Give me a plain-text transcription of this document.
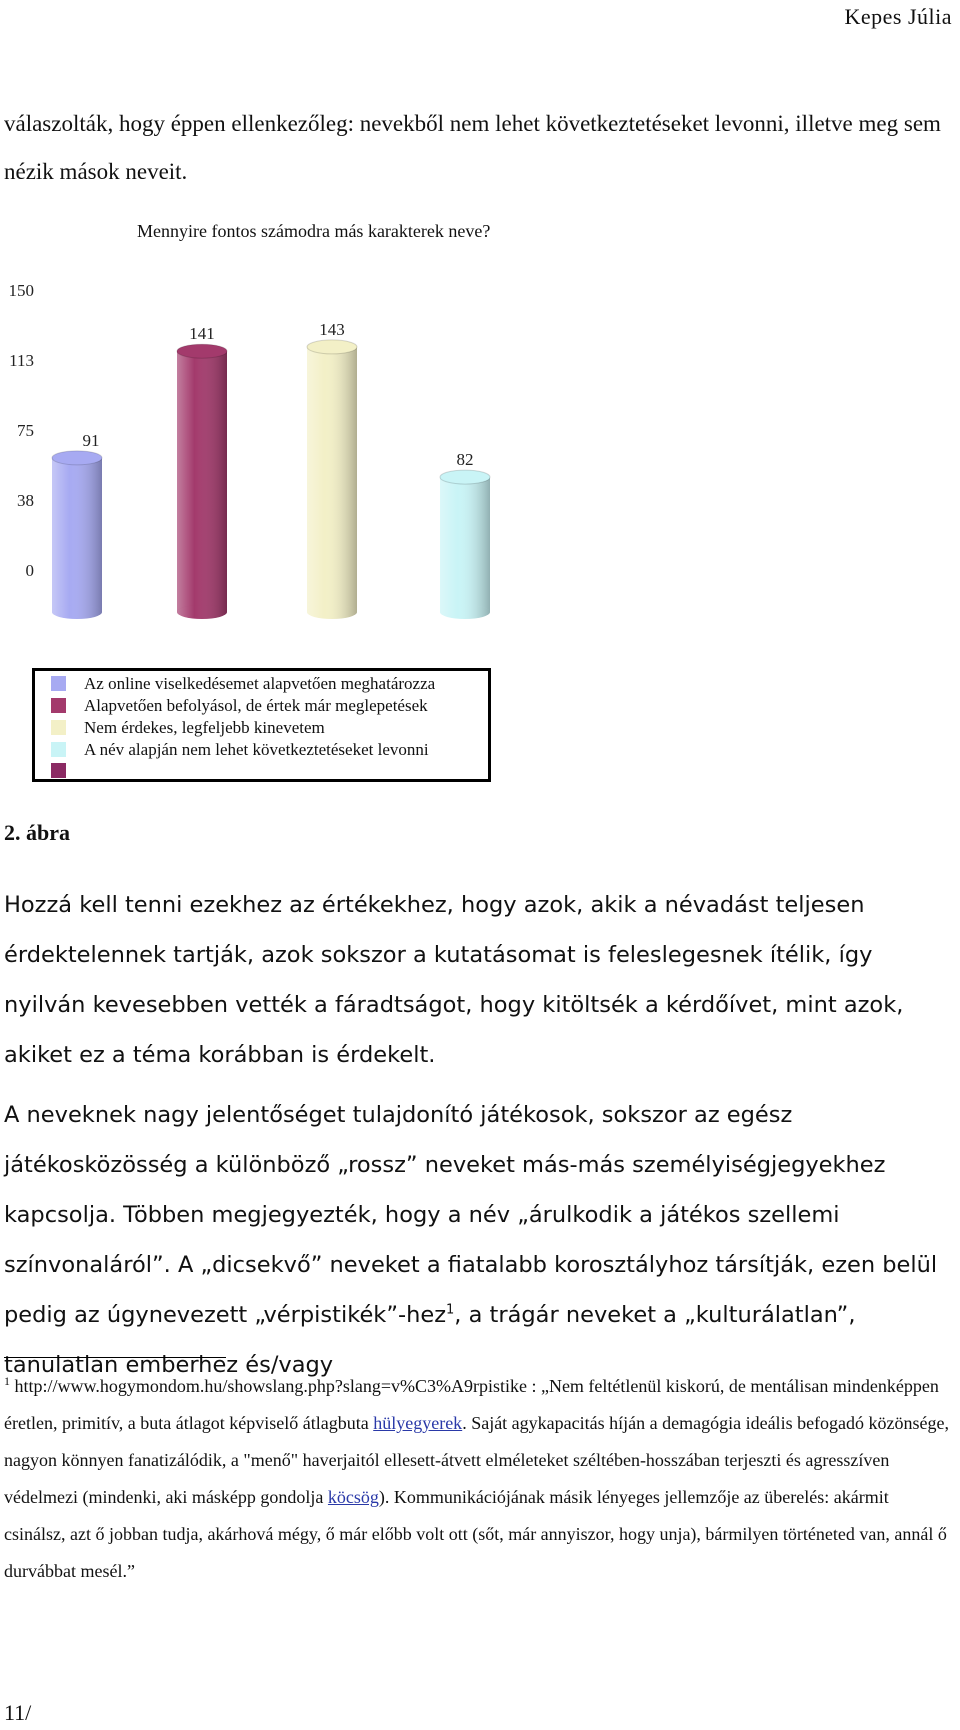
Kepes Júlia
válaszolták, hogy éppen ellenkezőleg: nevekből nem lehet következtetéseket levonni, illetve meg sem nézik mások neveit.
Mennyire fontos számodra más karakterek neve?
150
113
75
38
0
91
141	143
82
Az online viselkedésemet alapvetően meghatározza
Alapvetően befolyásol, de értek már meglepetések
Nem érdekes, legfeljebb kinevetem
A név alapján nem lehet következtetéseket levonni
2. ábra
Hozzá kell tenni ezekhez az értékekhez, hogy azok, akik a névadást teljesen érdektelennek tartják, azok sokszor a kutatásomat is feleslegesnek ítélik, így nyilván kevesebben vették a fáradtságot, hogy kitöltsék a kérdőívet, mint azok, akiket ez a téma korábban is érdekelt.
A neveknek nagy jelentőséget tulajdonító játékosok, sokszor az egész játékosközösség a különböző „rossz” neveket más-más személyiségjegyekhez kapcsolja. Többen megjegyezték, hogy a név „árulkodik a játékos szellemi színvonaláról”. A „dicsekvő” neveket a fiatalabb korosztályhoz társítják, ezen belül pedig az úgynevezett „vérpistikék”-hez$^1$, a trágár neveket a „kulturálatlan”, tanulatlan emberhez és/vagy
$^1$ http://www.hogymondom.hu/showslang.php?slang=v%C3%A9rpistike : „Nem feltétlenül kiskorú, de mentálisan mindenképpen éretlen, primitív, a buta átlagot képviselő átlagbuta hülyegyerek. Saját agykapacitás híján a demagógia ideális befogadó közönsége, nagyon könnyen fanatizálódik, a "menő" haverjaitól ellesett-átvett elméleteket széltében-hosszában terjeszti és agresszíven védelmezi (mindenki, aki másképp gondolja köcsög). Kommunikációjának másik lényeges jellemzője az überelés: akármit csinálsz, azt ő jobban tudja, akárhová mégy, ő már előbb volt ott (sőt, már annyiszor, hogy unja), bármilyen történeted van, annál ő durvábbat mesél.”
11/
